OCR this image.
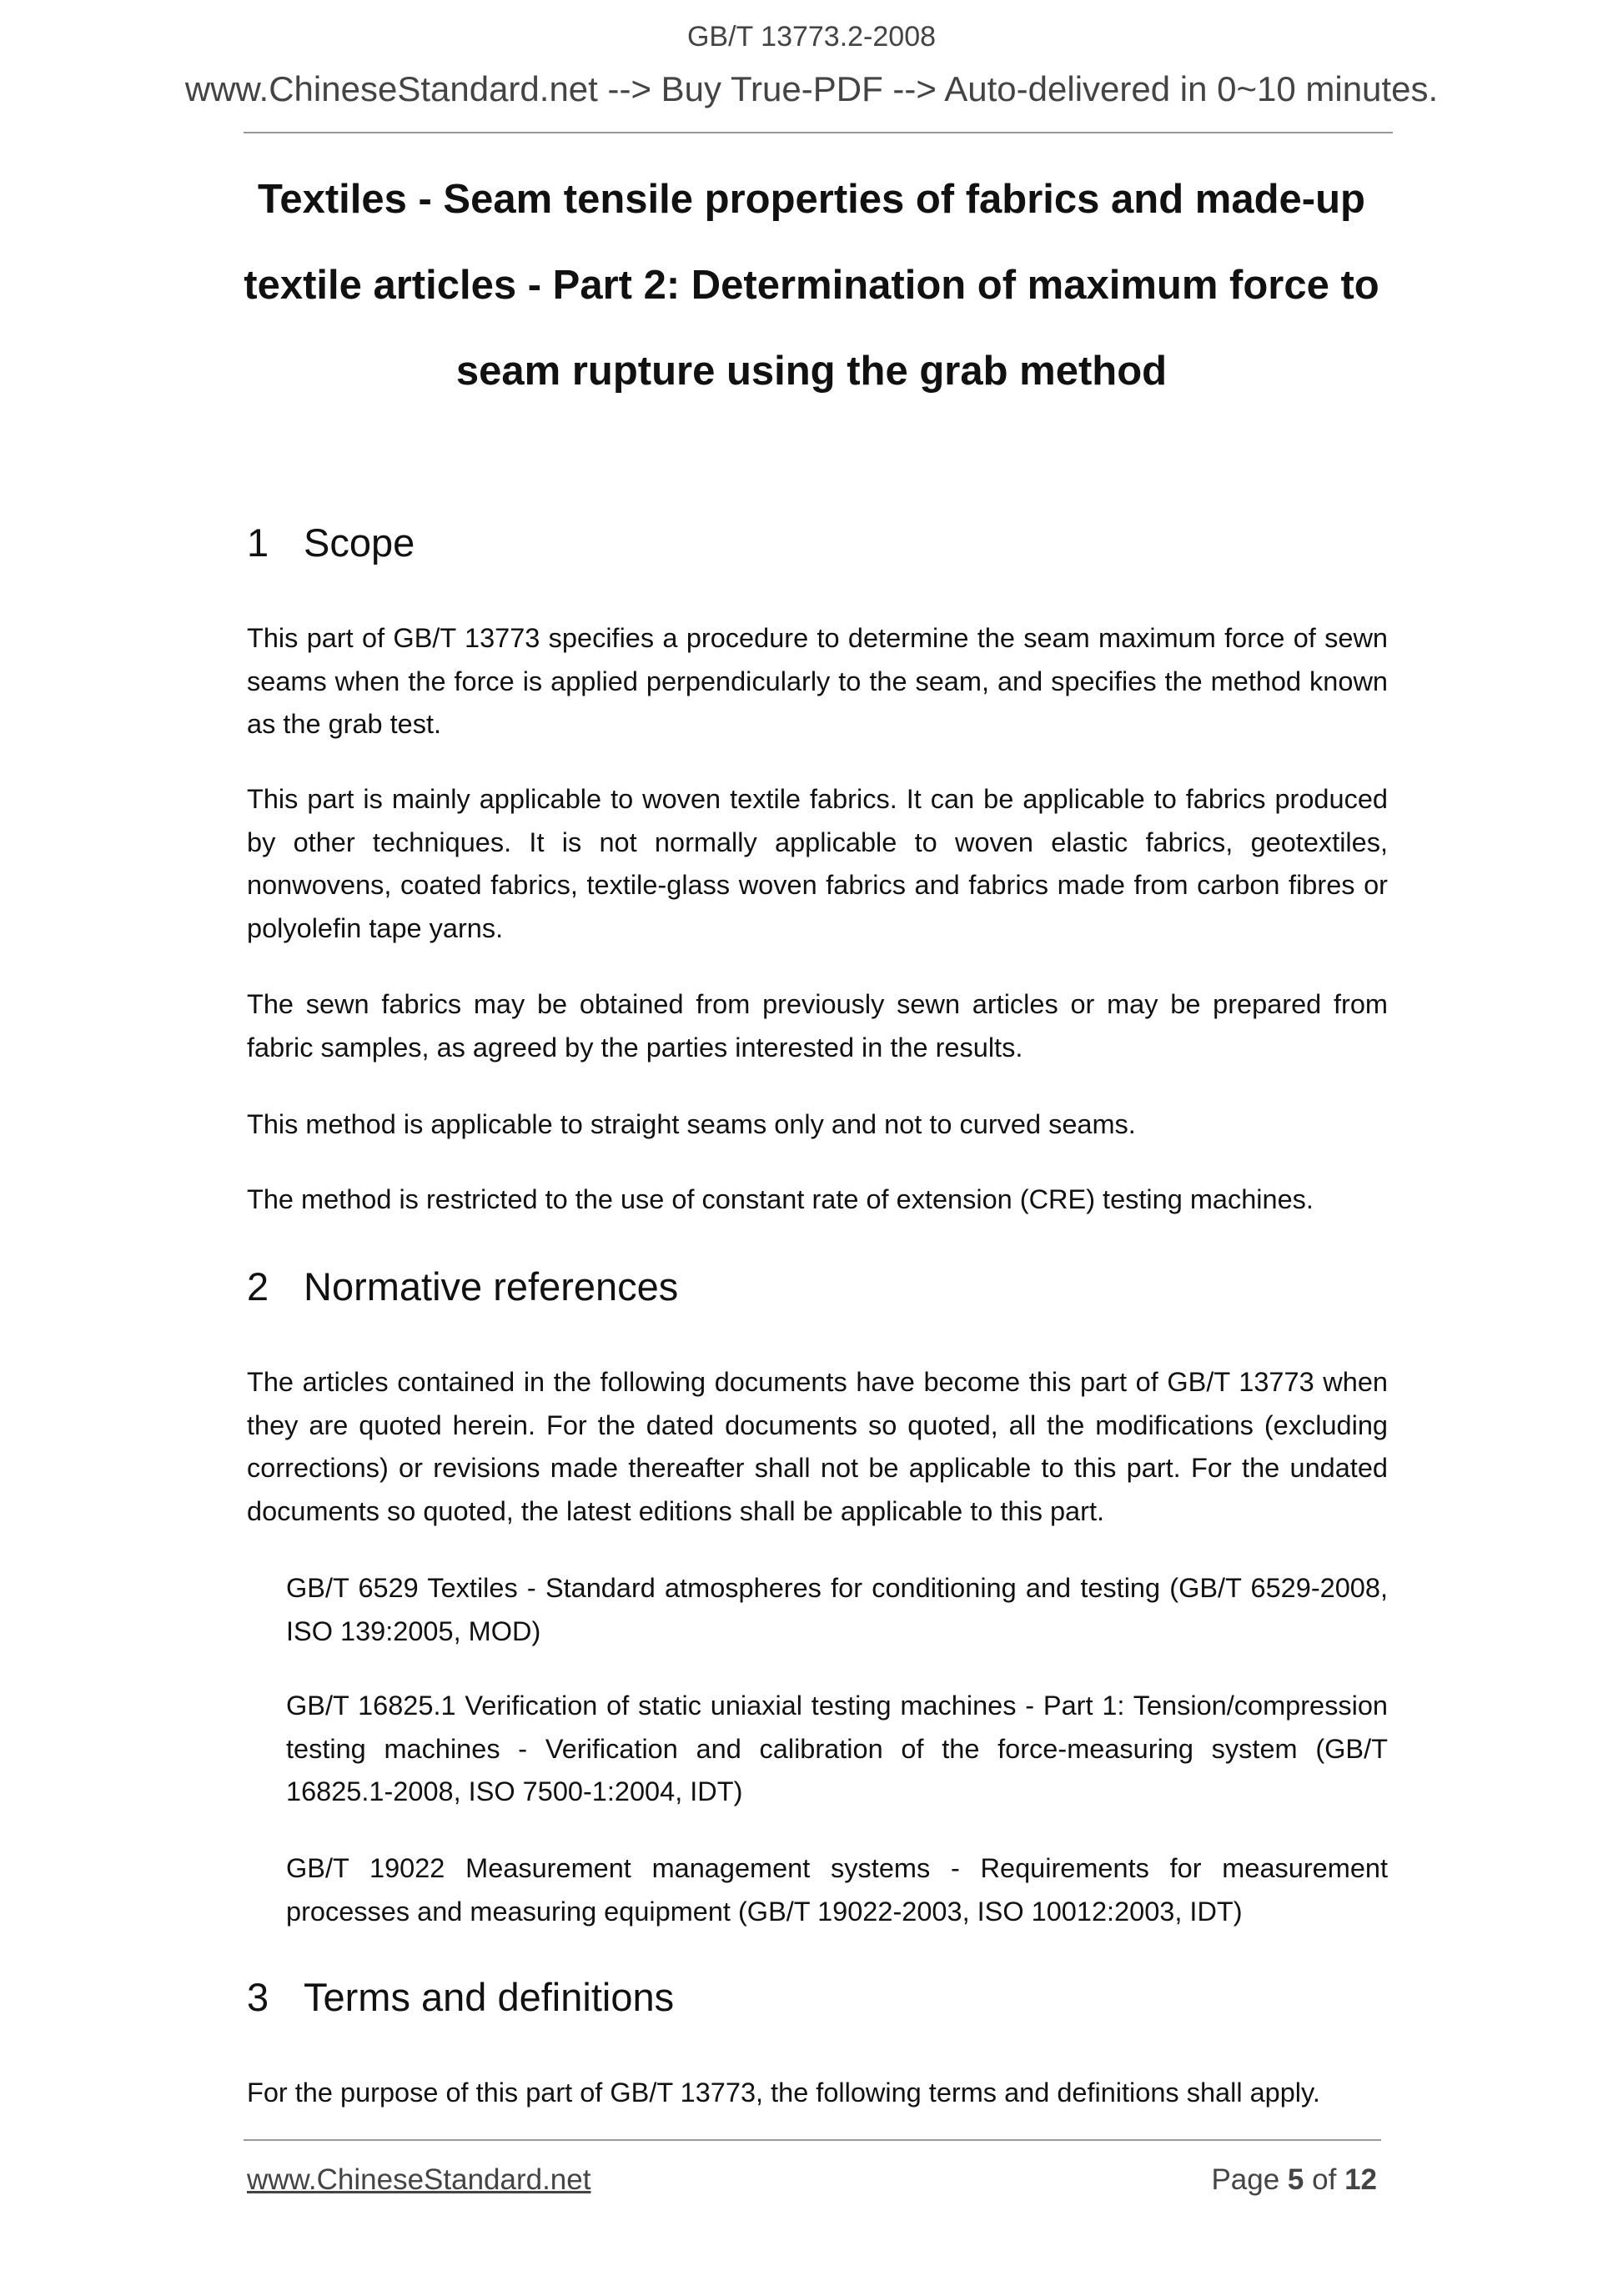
GB/T 13773.2-2008
www.ChineseStandard.net --> Buy True-PDF --> Auto-delivered in 0~10 minutes.
Textiles - Seam tensile properties of fabrics and made-up textile articles - Part 2: Determination of maximum force to seam rupture using the grab method
1 Scope
This part of GB/T 13773 specifies a procedure to determine the seam maximum force of sewn seams when the force is applied perpendicularly to the seam, and specifies the method known as the grab test.
This part is mainly applicable to woven textile fabrics. It can be applicable to fabrics produced by other techniques. It is not normally applicable to woven elastic fabrics, geotextiles, nonwovens, coated fabrics, textile-glass woven fabrics and fabrics made from carbon fibres or polyolefin tape yarns.
The sewn fabrics may be obtained from previously sewn articles or may be prepared from fabric samples, as agreed by the parties interested in the results.
This method is applicable to straight seams only and not to curved seams.
The method is restricted to the use of constant rate of extension (CRE) testing machines.
2 Normative references
The articles contained in the following documents have become this part of GB/T 13773 when they are quoted herein. For the dated documents so quoted, all the modifications (excluding corrections) or revisions made thereafter shall not be applicable to this part. For the undated documents so quoted, the latest editions shall be applicable to this part.
GB/T 6529 Textiles - Standard atmospheres for conditioning and testing (GB/T 6529-2008, ISO 139:2005, MOD)
GB/T 16825.1 Verification of static uniaxial testing machines - Part 1: Tension/compression testing machines - Verification and calibration of the force-measuring system (GB/T 16825.1-2008, ISO 7500-1:2004, IDT)
GB/T 19022 Measurement management systems - Requirements for measurement processes and measuring equipment (GB/T 19022-2003, ISO 10012:2003, IDT)
3 Terms and definitions
For the purpose of this part of GB/T 13773, the following terms and definitions shall apply.
www.ChineseStandard.net	Page 5 of 12
